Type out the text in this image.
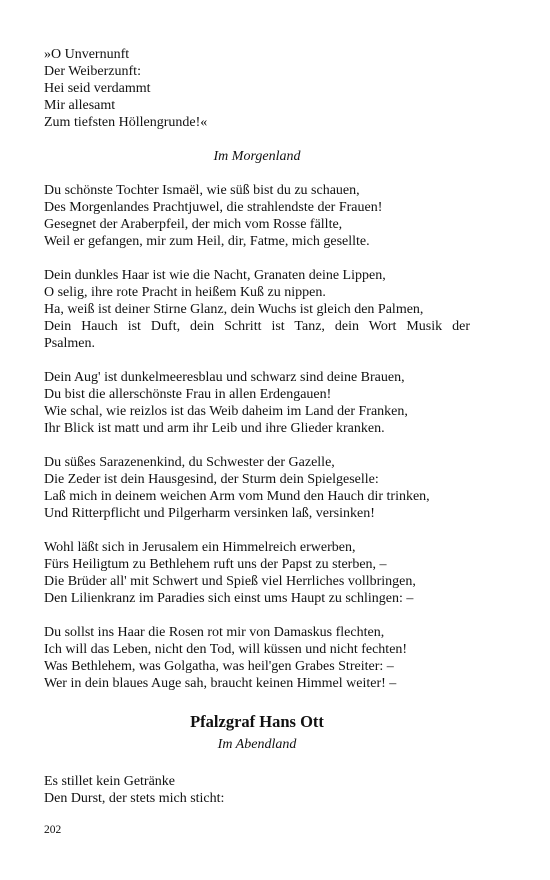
»O Unvernunft
Der Weiberzunft:
Hei seid verdammt
Mir allesamt
Zum tiefsten Höllengrunde!«
Im Morgenland
Du schönste Tochter Ismaël, wie süß bist du zu schauen,
Des Morgenlandes Prachtjuwel, die strahlendste der Frauen!
Gesegnet der Araberpfeil, der mich vom Rosse fällte,
Weil er gefangen, mir zum Heil, dir, Fatme, mich gesellte.
Dein dunkles Haar ist wie die Nacht, Granaten deine Lippen,
O selig, ihre rote Pracht in heißem Kuß zu nippen.
Ha, weiß ist deiner Stirne Glanz, dein Wuchs ist gleich den Palmen,
Dein Hauch ist Duft, dein Schritt ist Tanz, dein Wort Musik der
Psalmen.
Dein Aug' ist dunkelmeeresblau und schwarz sind deine Brauen,
Du bist die allerschönste Frau in allen Erdengauen!
Wie schal, wie reizlos ist das Weib daheim im Land der Franken,
Ihr Blick ist matt und arm ihr Leib und ihre Glieder kranken.
Du süßes Sarazenenkind, du Schwester der Gazelle,
Die Zeder ist dein Hausgesind, der Sturm dein Spielgeselle:
Laß mich in deinem weichen Arm vom Mund den Hauch dir trinken,
Und Ritterpflicht und Pilgerharm versinken laß, versinken!
Wohl läßt sich in Jerusalem ein Himmelreich erwerben,
Fürs Heiligtum zu Bethlehem ruft uns der Papst zu sterben, –
Die Brüder all' mit Schwert und Spieß viel Herrliches vollbringen,
Den Lilienkranz im Paradies sich einst ums Haupt zu schlingen: –
Du sollst ins Haar die Rosen rot mir von Damaskus flechten,
Ich will das Leben, nicht den Tod, will küssen und nicht fechten!
Was Bethlehem, was Golgatha, was heil'gen Grabes Streiter: –
Wer in dein blaues Auge sah, braucht keinen Himmel weiter! –
Pfalzgraf Hans Ott
Im Abendland
Es stillet kein Getränke
Den Durst, der stets mich sticht:
202
